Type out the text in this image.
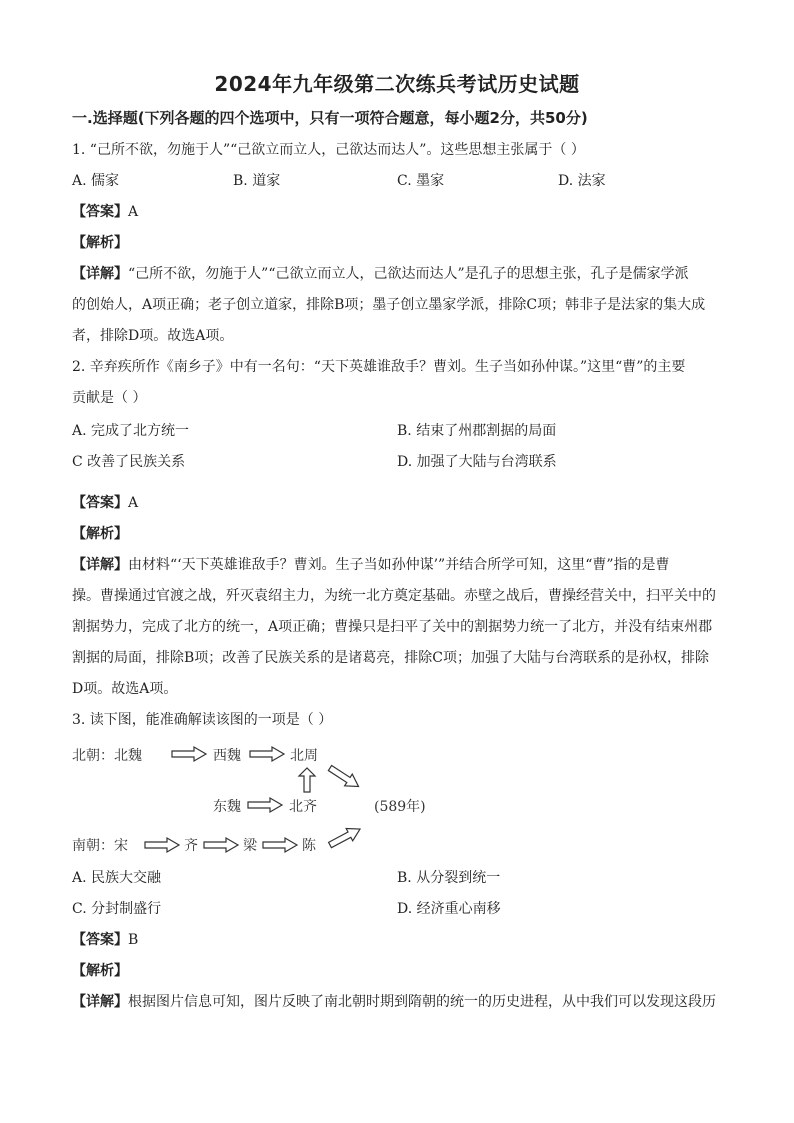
2024年九年级第二次练兵考试历史试题
一.选择题(下列各题的四个选项中，只有一项符合题意，每小题2分，共50分)
1. “己所不欲，勿施于人”“己欲立而立人，己欲达而达人”。这些思想主张属于（ ）
A. 儒家	B. 道家	C. 墨家	D. 法家
【答案】A
【解析】
【详解】“己所不欲，勿施于人”“己欲立而立人，己欲达而达人”是孔子的思想主张，孔子是儒家学派
的创始人，A项正确；老子创立道家，排除B项；墨子创立墨家学派，排除C项；韩非子是法家的集大成
者，排除D项。故选A项。
2. 辛弃疾所作《南乡子》中有一名句：“天下英雄谁敌手？曹刘。生子当如孙仲谋。”这里“曹”的主要
贡献是（ ）
A. 完成了北方统一	B. 结束了州郡割据的局面
C 改善了民族关系	D. 加强了大陆与台湾联系
【答案】A
【解析】
【详解】由材料“‘天下英雄谁敌手？曹刘。生子当如孙仲谋’”并结合所学可知，这里“曹”指的是曹
操。曹操通过官渡之战，歼灭袁绍主力，为统一北方奠定基础。赤壁之战后，曹操经营关中，扫平关中的
割据势力，完成了北方的统一，A项正确；曹操只是扫平了关中的割据势力统一了北方，并没有结束州郡
割据的局面，排除B项；改善了民族关系的是诸葛亮，排除C项；加强了大陆与台湾联系的是孙权，排除
D项。故选A项。
3. 读下图，能准确解读该图的一项是（ ）
北朝：北魏	西魏	北周
东魏	北齐	(589年)
南朝：宋	齐	梁	陈
A. 民族大交融	B. 从分裂到统一
C. 分封制盛行	D. 经济重心南移
【答案】B
【解析】
【详解】根据图片信息可知，图片反映了南北朝时期到隋朝的统一的历史进程，从中我们可以发现这段历
